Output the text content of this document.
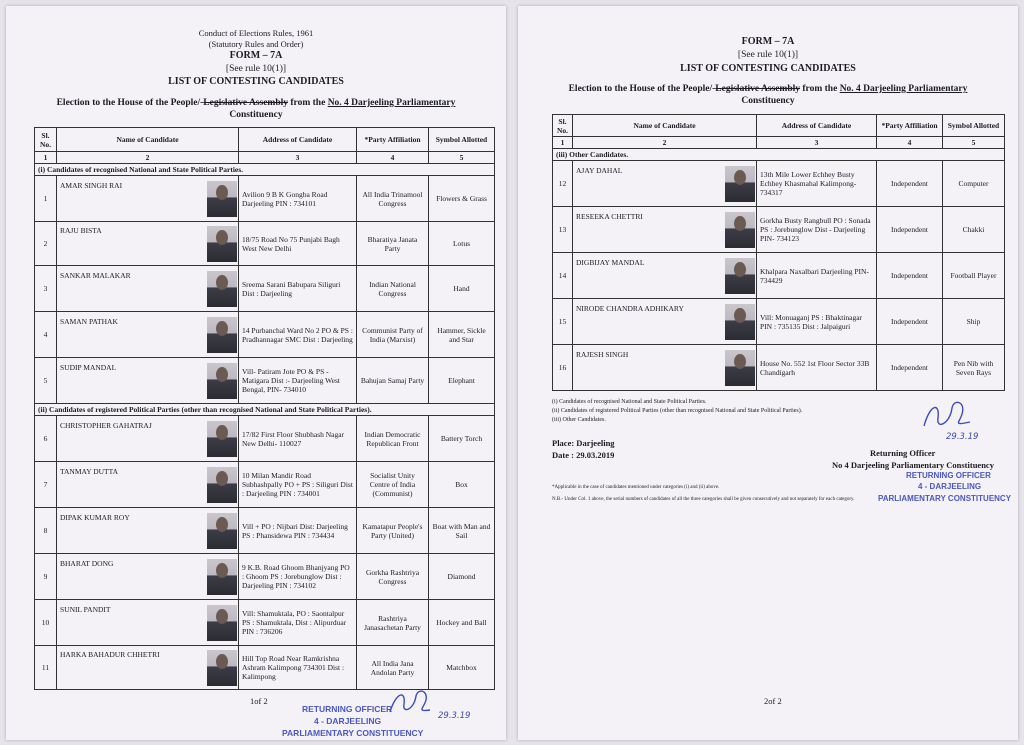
Conduct of Elections Rules, 1961
(Statutory Rules and Order)
FORM – 7A
[See rule 10(1)]
LIST OF CONTESTING CANDIDATES
Election to the House of the People/-Legislative Assembly from the No. 4 Darjeeling Parliamentary
Constituency
Sl. No.	Name of Candidate	Address of Candidate	*Party Affiliation	Symbol Allotted
1	2	3	4	5
(i) Candidates of recognised National and State Political Parties.				
1	AMAR SINGH RAI	Avilion 9 B K Gongba Road Darjeeling PIN : 734101	All India Trinamool Congress	Flowers & Grass
2	RAJU BISTA	18/75 Road No 75 Punjabi Bagh West New Delhi	Bharatiya Janata Party	Lotus
3	SANKAR MALAKAR	Sreema Sarani Babupara Siliguri Dist : Darjeeling	Indian National Congress	Hand
4	SAMAN PATHAK	14 Purbanchal Ward No 2 PO & PS : Pradhannagar SMC Dist : Darjeeling	Communist Party of India (Marxist)	Hammer, Sickle and Star
5	SUDIP MANDAL	Vill- Patiram Jote PO & PS - Matigara Dist :- Darjeeling West Bengal, PIN- 734010	Bahujan Samaj Party	Elephant
(ii) Candidates of registered Political Parties (other than recognised National and State Political Parties).				
6	CHRISTOPHER GAHATRAJ	17/82 First Floor Shubhash Nagar New Delhi- 110027	Indian Democratic Republican Front	Battery Torch
7	TANMAY DUTTA	10 Milan Mandir Road Subhashpally PO + PS : Siliguri Dist : Darjeeling PIN : 734001	Socialist Unity Centre of India (Communist)	Box
8	DIPAK KUMAR ROY	Vill + PO : Nijbari Dist: Darjeeling PS : Phansidewa PIN : 734434	Kamatapur People's Party (United)	Boat with Man and Sail
9	BHARAT DONG	9 K.B. Road Ghoom Bhanjyang PO : Ghoom PS : Jorebunglow Dist : Darjeeling PIN : 734102	Gorkha Rashtriya Congress	Diamond
10	SUNIL PANDIT	Vill: Shamuktala, PO : Saontalpur PS : Shamuktala, Dist : Alipurduar PIN : 736206	Rashtriya Janasachetan Party	Hockey and Ball
11	HARKA BAHADUR CHHETRI	Hill Top Road Near Ramkrishna Ashram Kalimpong 734301 Dist : Kalimpong	All India Jana Andolan Party	Matchbox
1of 2
RETURNING OFFICER
4 - DARJEELING
PARLIAMENTARY CONSTITUENCY
29.3.19
FORM – 7A
[See rule 10(1)]
LIST OF CONTESTING CANDIDATES
Election to the House of the People/-Legislative Assembly from the No. 4 Darjeeling Parliamentary
Constituency
Sl. No.	Name of Candidate	Address of Candidate	*Party Affiliation	Symbol Allotted
1	2	3	4	5
(iii) Other Candidates.				
12	AJAY DAHAL	13th Mile Lower Echhey Busty Echhey Khasmahal Kalimpong- 734317	Independent	Computer
13	RESEEKA CHETTRI	Gorkha Busty Rangbull PO : Sonada PS : Jorebunglow Dist - Darjeeling PIN- 734123	Independent	Chakki
14	DIGBIJAY MANDAL	Khalpara Naxalbari Darjeeling PIN- 734429	Independent	Football Player
15	NIRODE CHANDRA ADHIKARY	Vill: Monuaganj PS : Bhaktinagar PIN : 735135 Dist : Jalpaiguri	Independent	Ship
16	RAJESH SINGH	House No. 552 1st Floor Sector 33B Chandigarh	Independent	Pen Nib with Seven Rays
(i) Candidates of recognised National and State Political Parties.
(ii) Candidates of registered Political Parties (other than recognised National and State Political Parties).
(iii) Other Candidates.
Place: Darjeeling
Date : 29.03.2019
29.3.19
Returning Officer
No 4 Darjeeling Parliamentary Constituency
RETURNING OFFICER
4 - DARJEELING
PARLIAMENTARY CONSTITUENCY
*Applicable in the case of candidates mentioned under categories (i) and (ii) above.
N.B.- Under Col. 1 above, the serial numbers of candidates of all the three categories shall be given consecutively and not separately for each category.
2of 2
